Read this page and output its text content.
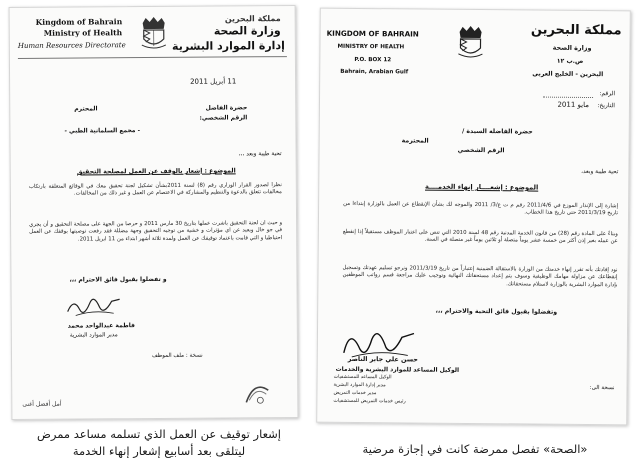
Kingdom of Bahrain
Ministry of Health
Human Resources Directorate
مملكة البحرين
وزارة الصحة
إدارة الموارد البشرية
11 أبريل 2011
حضرة الفاضل
المحترم
الرقم الشخصي:
- مجمع السلمانية الطبي -
تحية طيبة وبعد ،،،
الموضوع : إشعار بالوقف عن العمل لمصلحة التحقيق
نظرا لصدور القرار الوزاري رقم (8) لسنة 2011بشأن تشكيل لجنة تحقيق معك في الوقائع المتعلقة بارتكاب مخالفات تتعلق بالدعوة والتنظيم والمشاركة في الاعتصام عن العمل و غير ذلك من المخالفات.
و حيث ان لجنة التحقيق باشرت عملها بتاريخ 30 مارس 2011 و حرصا من الجهة على مصلحة التحقيق و أن يجري في جو خال وبعيد عن اي مؤثرات و خشية من توجيه التحقيق وجهة مضللة فقد رفعت توصيتها بوقفك عن العمل احتياطيا و التي قامت باعتماد توقيفك عن العمل ولمدة ثلاثة أشهر ابتداء من 11 ابريل 2011.
و تفضلوا بقبول فائق الاحترام ،،،
فاطمة عبدالواحد محمد
مدير الموارد البشرية
نسخة : ملف الموظف
أمل أفضل أغنى
KINGDOM OF BAHRAIN
MINISTRY OF HEALTH
P.O. BOX 12
Bahrain, Arabian Gulf
مملكة البحرين
وزارة الصحة
ص.ب ١٢
البحرين - الخليج العربي
الرقم:
التاريخ:
مايو 2011
حضرة الفاضلة السيدة /
المحترمة
الرقم الشخصي
تحية طيبة وبعد،
الموضوع : إشعــــار إنهاء الخدمــــة
إشارة إلى الإنذار الموزع في 2011/4/6 رقم م ت ع/3/ 2011 والموجه لك بشأن الإنقطاع عن العمل بالوزارة إبتداءا من تاريخ 2011/3/19 حتى تاريخ هذا الخطاب.
وبناءً على المادة رقم (28) من قانون الخدمة المدنية رقم 48 لسنة 2010 التي تنص على اعتبار الموظف مستقيلاً إذا إنقطع عن عمله بغير إذن أكثر من خمسة عشر يوماً متصلة أو ثلاثين يوماً غير متصلة في السنة.
نود إفادتك بأنه تقرر إنهاء خدمتك من الوزارة بالاستقالة الضمنية إعتباراً من تاريخ 2011/3/19 ونرجو تسليم عهدتك وتسجيل إنقطاعك عن مزاولة مهامك الوظيفية وسوف يتم إعداد مستحقاتك النهائية وتوجيب عليك مراجعة قسم رواتب الموظفين بإدارة الموارد البشرية بالوزارة لاستلام مستحقاتك.
وتفضلوا بقبول فائق التحية والاحترام ،،،
حسن علي جابر الناصر
الوكيل المساعد للموارد البشرية والخدمات
نسخة الى:
الوكيل المساعد للمستشفيات
مدير إدارة الموارد البشرية
مدير خدمات التمريض
رئيس خدمات التمريض للمستشفيات
إشعار توقيف عن العمل الذي تسلمه مساعد ممرض
ليتلقى بعد أسابيع إشعار إنهاء الخدمة	«الصحة» تفصل ممرضة كانت في إجازة مرضية
